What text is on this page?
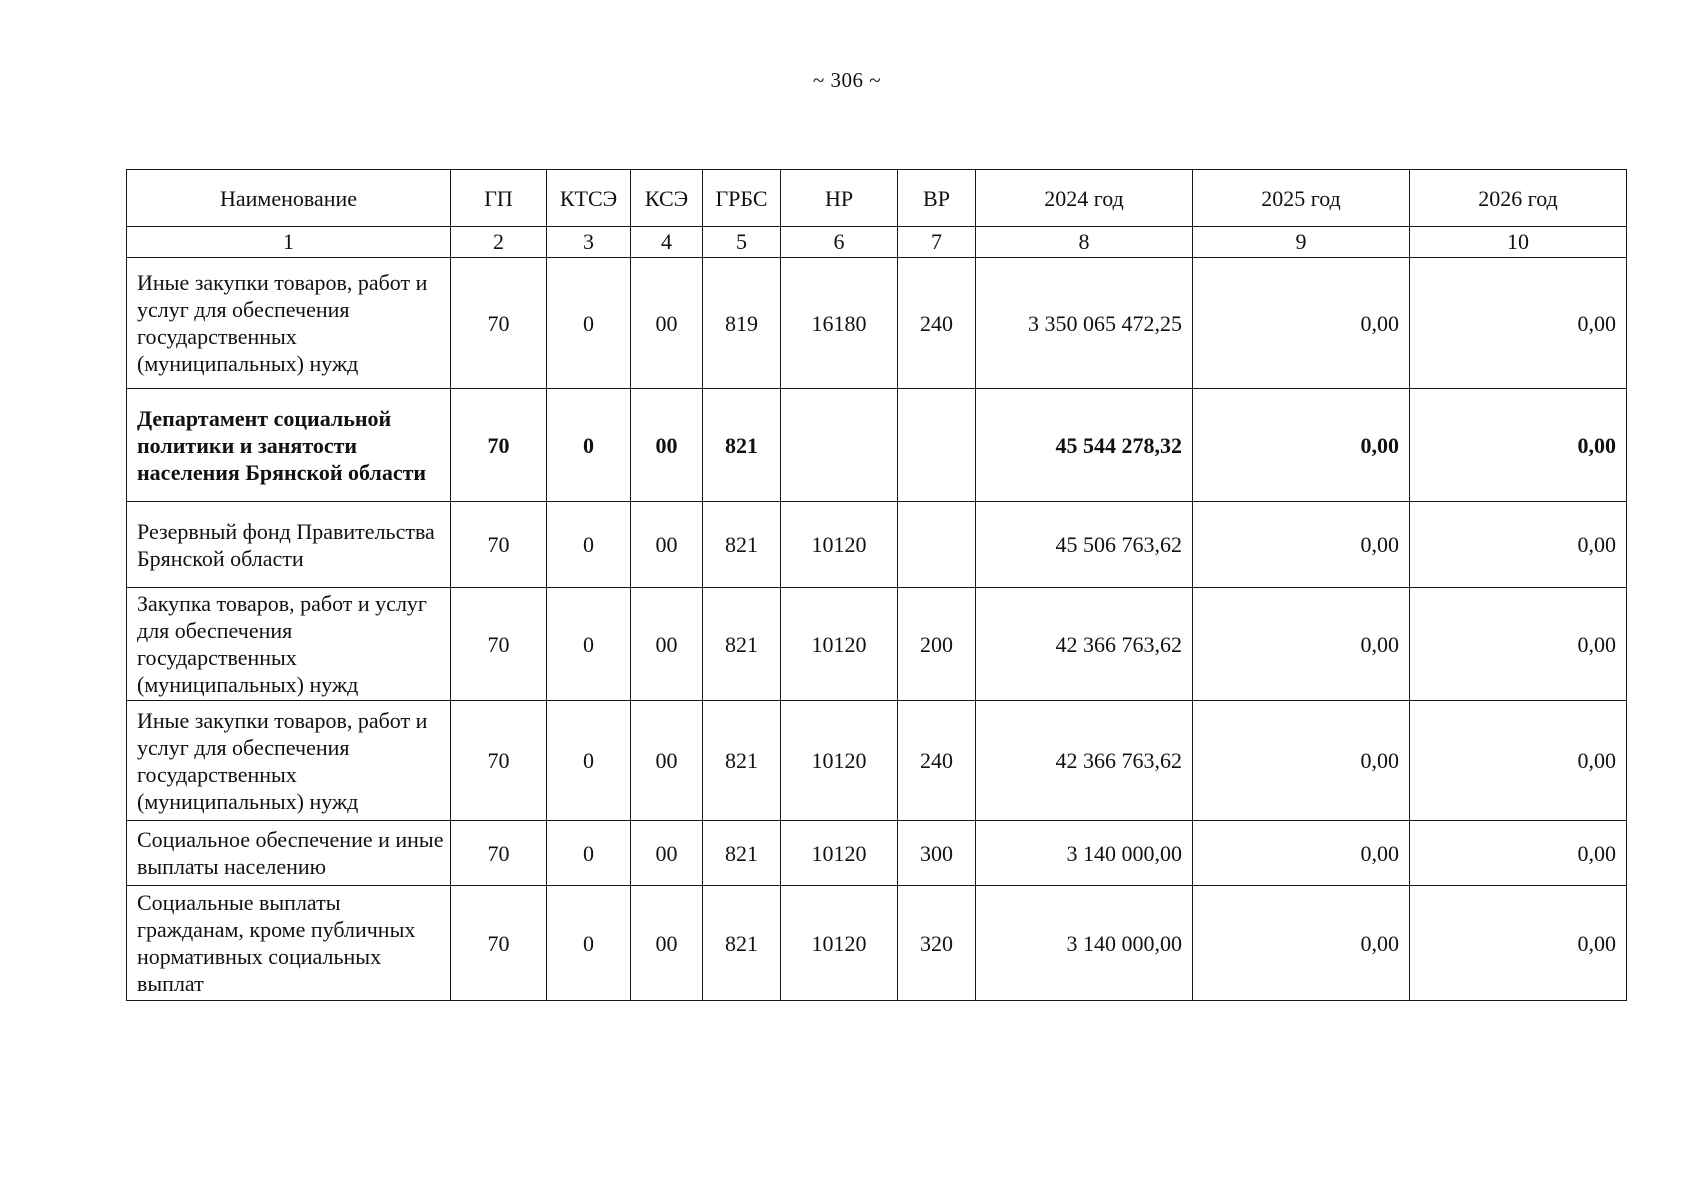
~ 306 ~
Наименование	ГП	КТСЭ	КСЭ	ГРБС	НР	ВР	2024 год	2025 год	2026 год
1	2	3	4	5	6	7	8	9	10
Иные закупки товаров, работ и услуг для обеспечения государственных (муниципальных) нужд	70	0	00	819	16180	240	3 350 065 472,25	0,00	0,00
Департамент социальной политики и занятости населения Брянской области	70	0	00	821			45 544 278,32	0,00	0,00
Резервный фонд Правительства Брянской области	70	0	00	821	10120		45 506 763,62	0,00	0,00
Закупка товаров, работ и услуг для обеспечения государственных (муниципальных) нужд	70	0	00	821	10120	200	42 366 763,62	0,00	0,00
Иные закупки товаров, работ и услуг для обеспечения государственных (муниципальных) нужд	70	0	00	821	10120	240	42 366 763,62	0,00	0,00
Социальное обеспечение и иные выплаты населению	70	0	00	821	10120	300	3 140 000,00	0,00	0,00
Социальные выплаты гражданам, кроме публичных нормативных социальных выплат	70	0	00	821	10120	320	3 140 000,00	0,00	0,00
